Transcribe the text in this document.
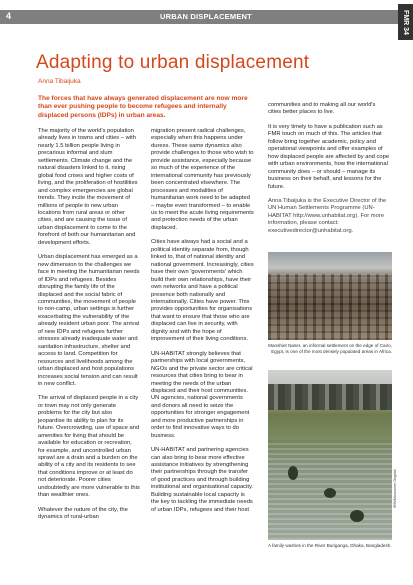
4	URBAN DISPLACEMENT	FMR 34
Adapting to urban displacement
Anna Tibaijuka
The forces that have always generated displacement are now more than ever pushing people to become refugees and internally displaced persons (IDPs) in urban areas.

The majority of the world's population already lives in towns and cities – with nearly 1.5 billion people living in precarious informal and slum settlements. Climate change and the natural disasters linked to it, rising global food crises and higher costs of living, and the proliferation of hostilities and complex emergencies are global trends. They incite the movement of millions of people to new urban locations from rural areas or other cities, and are causing the issue of urban displacement to come to the forefront of both our humanitarian and development efforts.

Urban displacement has emerged as a new dimension to the challenges we face in meeting the humanitarian needs of IDPs and refugees. Besides disrupting the family life of the displaced and the social fabric of communities, the movement of people to non-camp, urban settings is further exacerbating the vulnerability of the already resident urban poor. The arrival of new IDPs and refugees further stresses already inadequate water and sanitation infrastructure, shelter and access to land. Competition for resources and livelihoods among the urban displaced and host populations increases social tension and can result in new conflict.

The arrival of displaced people in a city or town may not only generate problems for the city but also jeopardise its ability to plan for its future. Overcrowding, use of space and amenities for living that should be available for education or recreation, for example, and uncontrolled urban sprawl are a drain and a burden on the ability of a city and its residents to see that conditions improve or at least do not deteriorate. Poorer cities undoubtedly are more vulnerable to this than wealthier ones.

Whatever the nature of the city, the dynamics of rural-urban

migration present radical challenges, especially when this happens under duress. These same dynamics also provide challenges to those who wish to provide assistance, especially because so much of the experience of the international community has previously been concentrated elsewhere. The processes and modalities of humanitarian work need to be adapted – maybe even transformed – to enable us to meet the acute living requirements and protection needs of the urban displaced.

Cities have always had a social and a political identity separate from, though linked to, that of national identity and national government. Increasingly, cities have their own 'governments' which build their own relationships, have their own networks and have a political presence both nationally and internationally. Cities have power. This provides opportunities for organisations that want to ensure that those who are displaced can live in security, with dignity and with the hope of improvement of their living conditions.

UN-HABITAT strongly believes that partnerships with local governments, NGOs and the private sector are critical resources that cities bring to bear in meeting the needs of the urban displaced and their host communities. UN agencies, national governments and donors all need to seize the opportunities for stronger engagement and more productive partnerships in order to find innovative ways to do business.

UN-HABITAT and partnering agencies can also bring to bear more effective assistance initiatives by strengthening their partnerships through the transfer of good practices and through building institutional and organisational capacity. Building sustainable local capacity is the key to tackling the immediate needs of urban IDPs, refugees and their host

communities and to making all our world's cities better places to live.

It is very timely to have a publication such as FMR touch on much of this. The articles that follow bring together academic, policy and operational viewpoints and offer examples of how displaced people are affected by and cope with urban environments, how the international community does – or should – manage its business on their behalf, and lessons for the future.

Anna Tibaijuka is the Executive Director of the UN Human Settlements Programme (UN-HABITAT http://www.unhabitat.org). For more information, please contact: executivedirector@unhabitat.org.

Manshiet Naser, an informal settlement on the edge of Cairo, Egypt, is one of the most densely populated areas in Africa.
IRIN/Manoocher Deghati
A family washes in the River Buriganga, Dhaka, Bangladesh.
